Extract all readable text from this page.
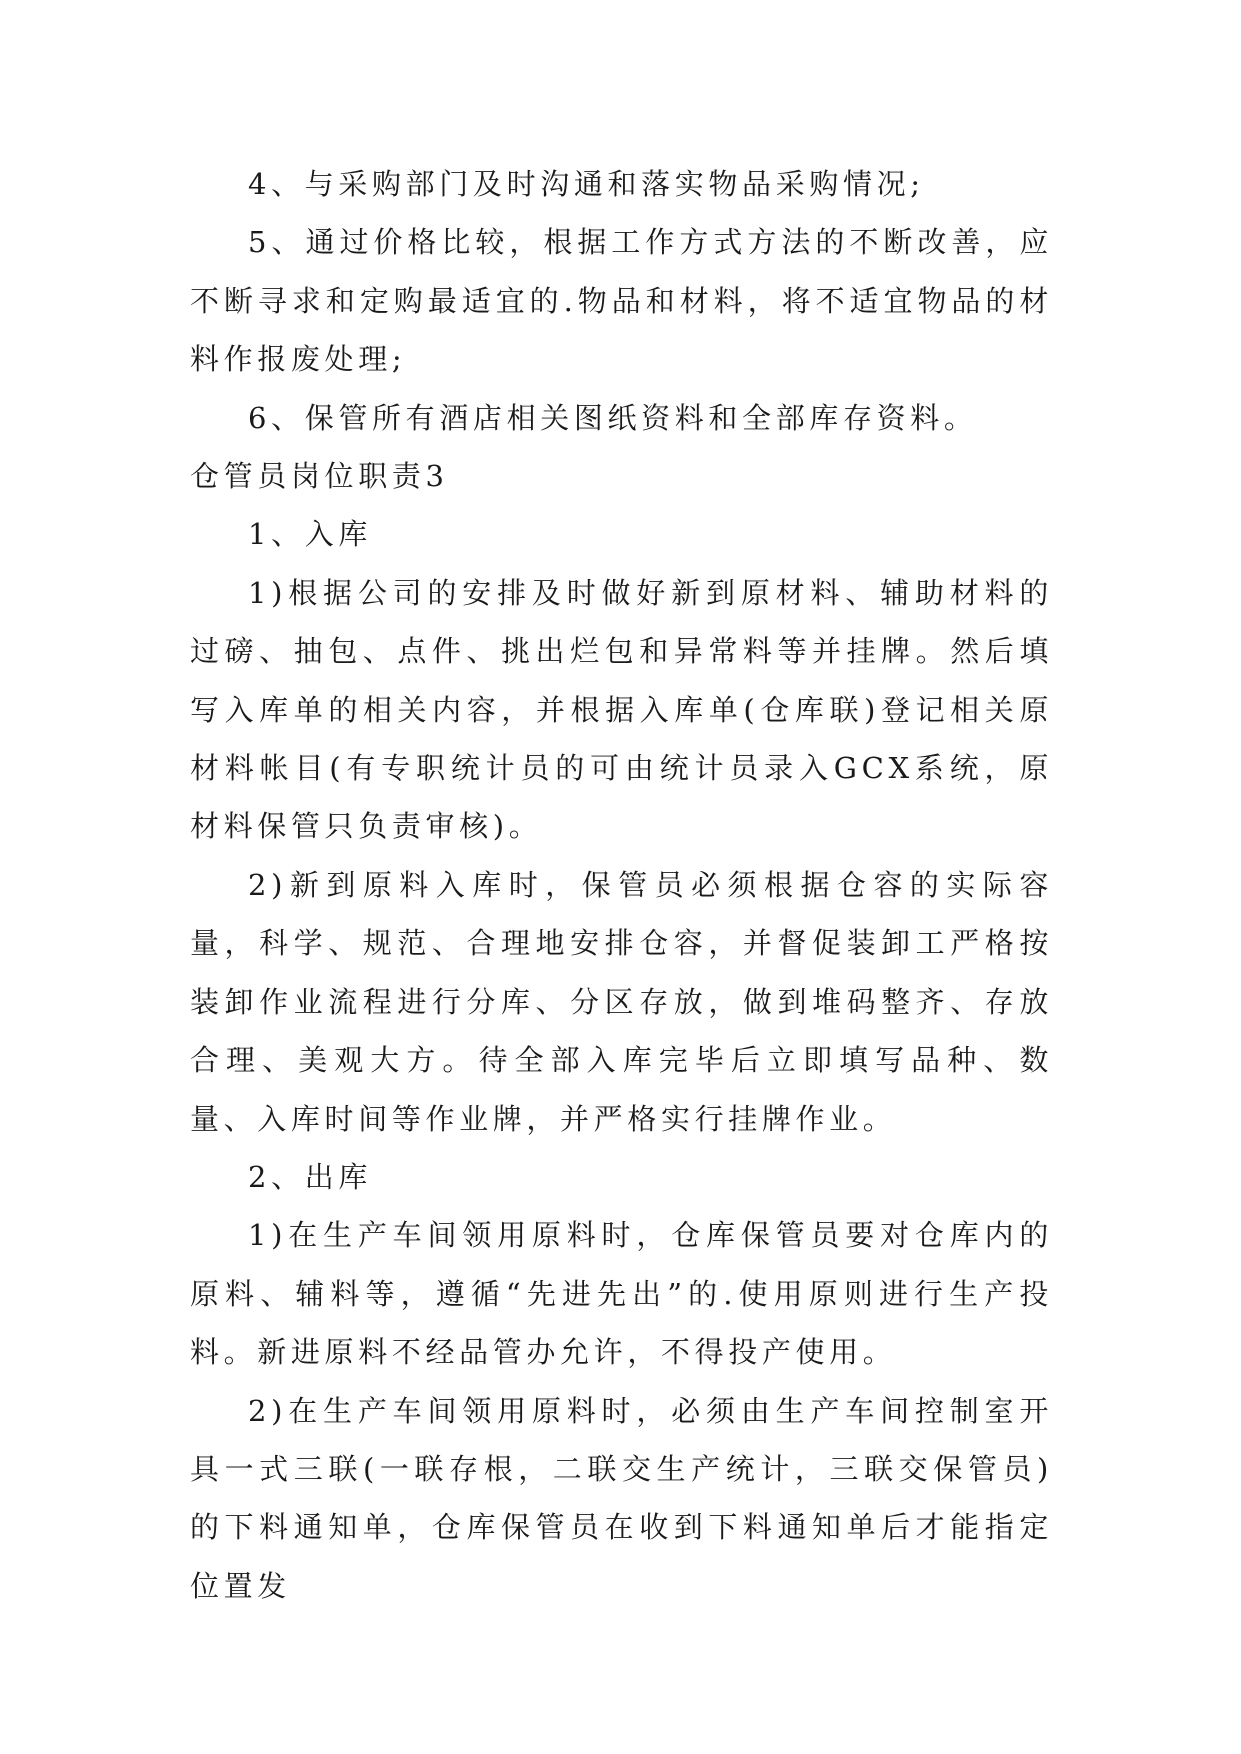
4、与采购部门及时沟通和落实物品采购情况;

5、通过价格比较，根据工作方式方法的不断改善，应不断寻求和定购最适宜的.物品和材料，将不适宜物品的材料作报废处理;

6、保管所有酒店相关图纸资料和全部库存资料。

仓管员岗位职责3

1、入库

1)根据公司的安排及时做好新到原材料、辅助材料的过磅、抽包、点件、挑出烂包和异常料等并挂牌。然后填写入库单的相关内容，并根据入库单(仓库联)登记相关原材料帐目(有专职统计员的可由统计员录入GCX系统，原材料保管只负责审核)。

2)新到原料入库时，保管员必须根据仓容的实际容量，科学、规范、合理地安排仓容，并督促装卸工严格按装卸作业流程进行分库、分区存放，做到堆码整齐、存放合理、美观大方。待全部入库完毕后立即填写品种、数量、入库时间等作业牌，并严格实行挂牌作业。

2、出库

1)在生产车间领用原料时，仓库保管员要对仓库内的原料、辅料等，遵循“先进先出”的.使用原则进行生产投料。新进原料不经品管办允许，不得投产使用。

2)在生产车间领用原料时，必须由生产车间控制室开具一式三联(一联存根，二联交生产统计，三联交保管员)的下料通知单，仓库保管员在收到下料通知单后才能指定位置发
